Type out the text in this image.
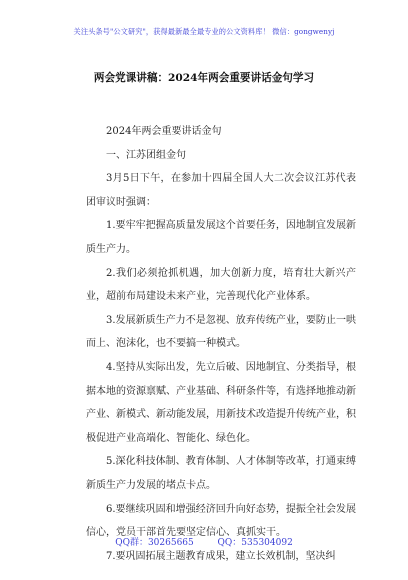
关注头条号"公文研究"，获得最新最全最专业的公文资料库！ 微信：gongwenyj
两会党课讲稿：2024年两会重要讲话金句学习

2024年两会重要讲话金句

一、江苏团组金句

3月5日下午，在参加十四届全国人大二次会议江苏代表团审议时强调：

1.要牢牢把握高质量发展这个首要任务，因地制宜发展新质生产力。

2.我们必须抢抓机遇，加大创新力度，培育壮大新兴产业，超前布局建设未来产业，完善现代化产业体系。

3.发展新质生产力不是忽视、放弃传统产业，要防止一哄而上、泡沫化，也不要搞一种模式。

4.坚持从实际出发，先立后破、因地制宜、分类指导，根据本地的资源禀赋、产业基础、科研条件等，有选择地推动新产业、新模式、新动能发展，用新技术改造提升传统产业，积极促进产业高端化、智能化、绿色化。

5.深化科技体制、教育体制、人才体制等改革，打通束缚新质生产力发展的堵点卡点。

6.要继续巩固和增强经济回升向好态势，提振全社会发展信心，党员干部首先要坚定信心、真抓实干。

7.要巩固拓展主题教育成果，建立长效机制，坚决纠

QQ群：30265665	QQ：535304092
